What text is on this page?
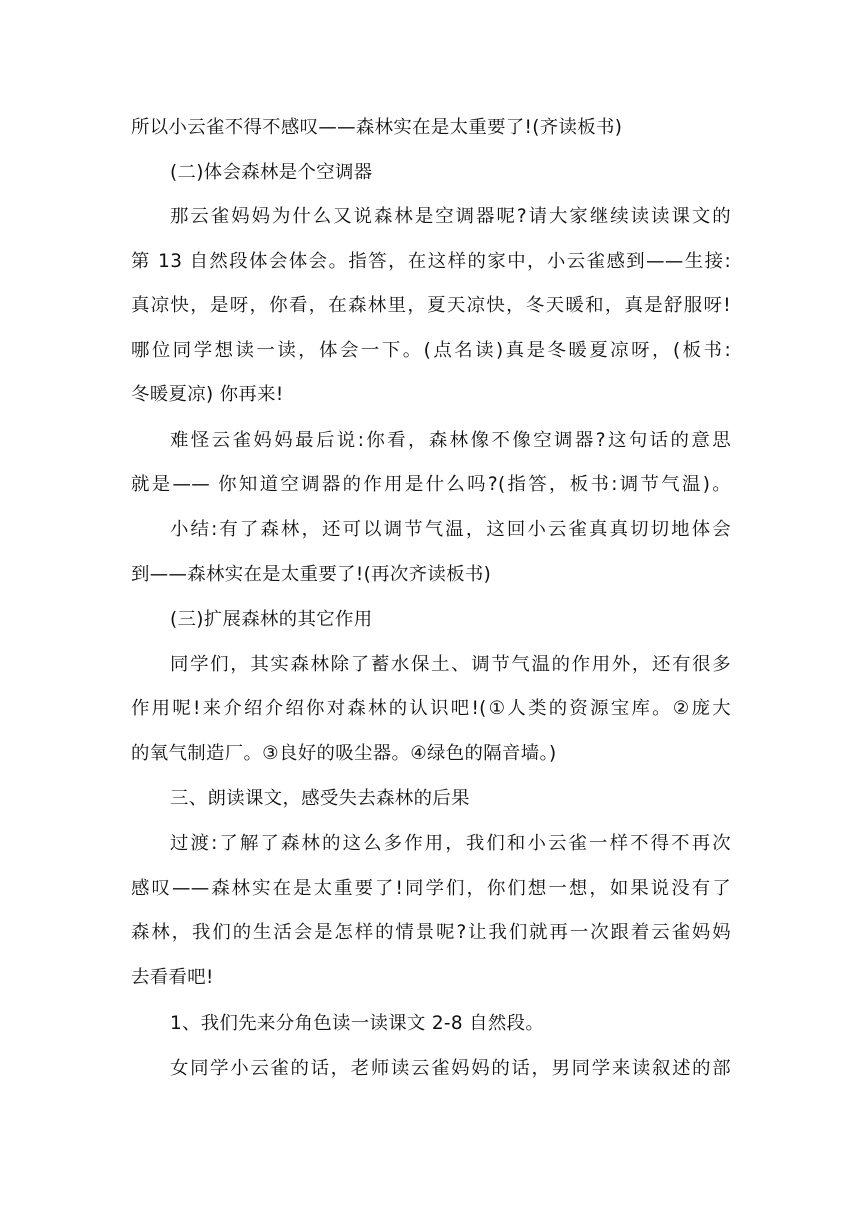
所以小云雀不得不感叹——森林实在是太重要了!(齐读板书)
(二)体会森林是个空调器
那云雀妈妈为什么又说森林是空调器呢?请大家继续读读课文的
第 13 自然段体会体会。指答，在这样的家中，小云雀感到——生接:
真凉快，是呀，你看，在森林里，夏天凉快，冬天暖和，真是舒服呀!
哪位同学想读一读，体会一下。(点名读)真是冬暖夏凉呀，(板书:
冬暖夏凉) 你再来!
难怪云雀妈妈最后说:你看，森林像不像空调器?这句话的意思
就是—— 你知道空调器的作用是什么吗?(指答，板书:调节气温)。
小结:有了森林，还可以调节气温，这回小云雀真真切切地体会
到——森林实在是太重要了!(再次齐读板书)
(三)扩展森林的其它作用
同学们，其实森林除了蓄水保土、调节气温的作用外，还有很多
作用呢!来介绍介绍你对森林的认识吧!(①人类的资源宝库。②庞大
的氧气制造厂。③良好的吸尘器。④绿色的隔音墙。)
三、朗读课文，感受失去森林的后果
过渡:了解了森林的这么多作用，我们和小云雀一样不得不再次
感叹——森林实在是太重要了!同学们，你们想一想，如果说没有了
森林，我们的生活会是怎样的情景呢?让我们就再一次跟着云雀妈妈
去看看吧!
1、我们先来分角色读一读课文 2-8 自然段。
女同学小云雀的话，老师读云雀妈妈的话，男同学来读叙述的部
